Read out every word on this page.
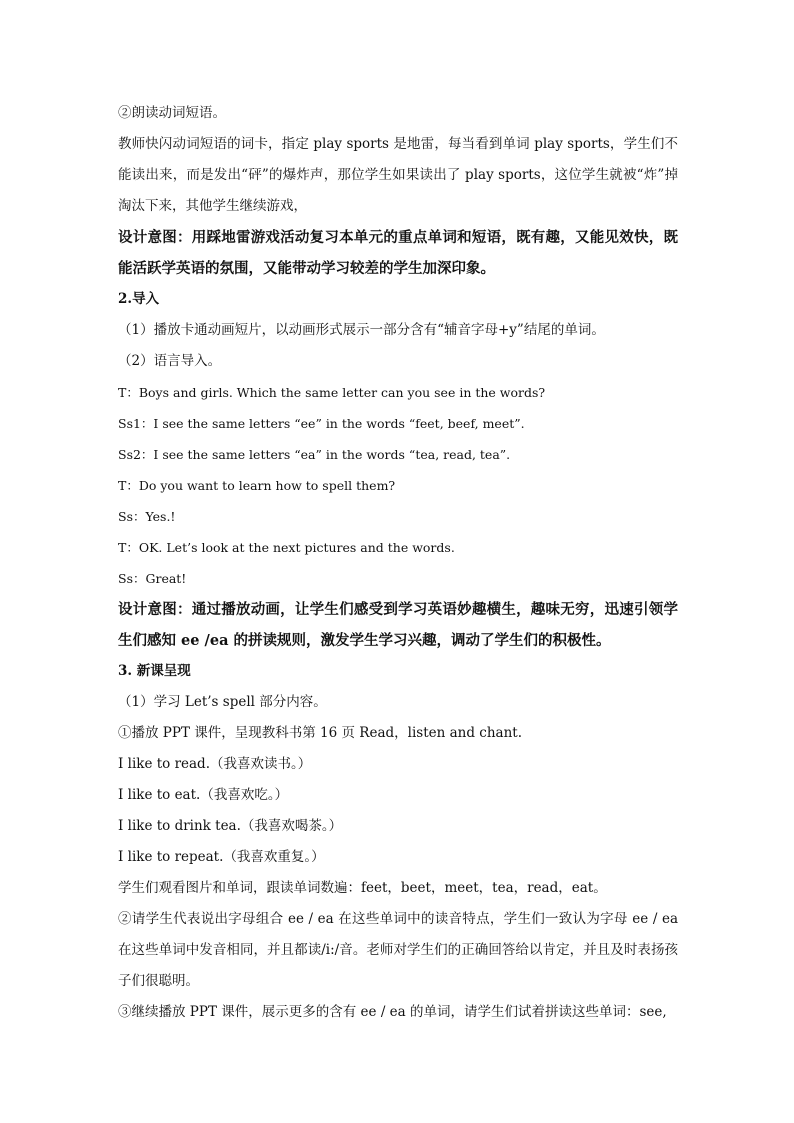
②朗读动词短语。

教师快闪动词短语的词卡，指定 play sports 是地雷，每当看到单词 play sports，学生们不能读出来，而是发出“砰”的爆炸声，那位学生如果读出了 play sports，这位学生就被“炸”掉淘汰下来，其他学生继续游戏，

设计意图：用踩地雷游戏活动复习本单元的重点单词和短语，既有趣，又能见效快，既能活跃学英语的氛围，又能带动学习较差的学生加深印象。

2.导入
（1）播放卡通动画短片，以动画形式展示一部分含有“辅音字母+y”结尾的单词。
（2）语言导入。
T：Boys and girls. Which the same letter can you see in the words?
Ss1：I see the same letters “ee” in the words “feet, beef, meet”.
Ss2：I see the same letters “ea” in the words “tea, read, tea”.
T：Do you want to learn how to spell them?
Ss：Yes.!
T：OK. Let’s look at the next pictures and the words.
Ss：Great!

设计意图：通过播放动画，让学生们感受到学习英语妙趣横生，趣味无穷，迅速引领学生们感知 ee /ea 的拼读规则，激发学生学习兴趣，调动了学生们的积极性。

3. 新课呈现
（1）学习 Let’s spell 部分内容。
①播放 PPT 课件，呈现教科书第 16 页 Read，listen and chant.
I like to read.（我喜欢读书。）
I like to eat.（我喜欢吃。）
I like to drink tea.（我喜欢喝茶。）
I like to repeat.（我喜欢重复。）
学生们观看图片和单词，跟读单词数遍：feet，beet，meet，tea，read，eat。

②请学生代表说出字母组合 ee / ea 在这些单词中的读音特点，学生们一致认为字母 ee / ea 在这些单词中发音相同，并且都读/i:/音。老师对学生们的正确回答给以肯定，并且及时表扬孩子们很聪明。

③继续播放 PPT 课件，展示更多的含有 ee / ea 的单词，请学生们试着拼读这些单词：see,
